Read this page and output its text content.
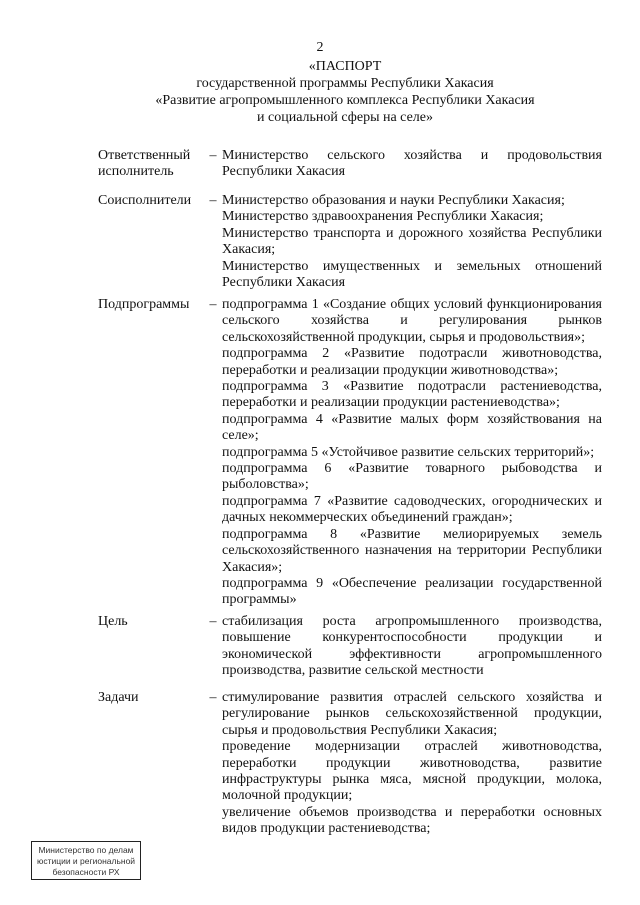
2
«ПАСПОРТ
государственной программы Республики Хакасия
«Развитие агропромышленного комплекса Республики Хакасия
и социальной сферы на селе»
Ответственный исполнитель
– Министерство сельского хозяйства и продовольствия Республики Хакасия

Соисполнители	– Министерство образования и науки Республики Хакасия;

Министерство здравоохранения Республики Хакасия;

Министерство транспорта и дорожного хозяйства Республики Хакасия;

Министерство имущественных и земельных отношений Республики Хакасия

Подпрограммы	– подпрограмма 1 «Создание общих условий функционирования сельского хозяйства и регулирования рынков сельскохозяйственной продукции, сырья и продовольствия»;

подпрограмма 2 «Развитие подотрасли животноводства, переработки и реализации продукции животноводства»;

подпрограмма 3 «Развитие подотрасли растениеводства, переработки и реализации продукции растениеводства»;

подпрограмма 4 «Развитие малых форм хозяйствования на селе»;

подпрограмма 5 «Устойчивое развитие сельских территорий»;

подпрограмма 6 «Развитие товарного рыбоводства и рыболовства»;

подпрограмма 7 «Развитие садоводческих, огороднических и дачных некоммерческих объединений граждан»;

подпрограмма 8 «Развитие мелиорируемых земель сельскохозяйственного назначения на территории Республики Хакасия»;

подпрограмма 9 «Обеспечение реализации государственной программы»

Цель	– стабилизация роста агропромышленного производства, повышение конкурентоспособности продукции и экономической эффективности агропромышленного производства, развитие сельской местности

Задачи	– стимулирование развития отраслей сельского хозяйства и регулирование рынков сельскохозяйственной продукции, сырья и продовольствия Республики Хакасия;

проведение модернизации отраслей животноводства, переработки продукции животноводства, развитие инфраструктуры рынка мяса, мясной продукции, молока, молочной продукции;

увеличение объемов производства и переработки основных видов продукции растениеводства;

Министерство по делам
юстиции и региональной
безопасности РХ
